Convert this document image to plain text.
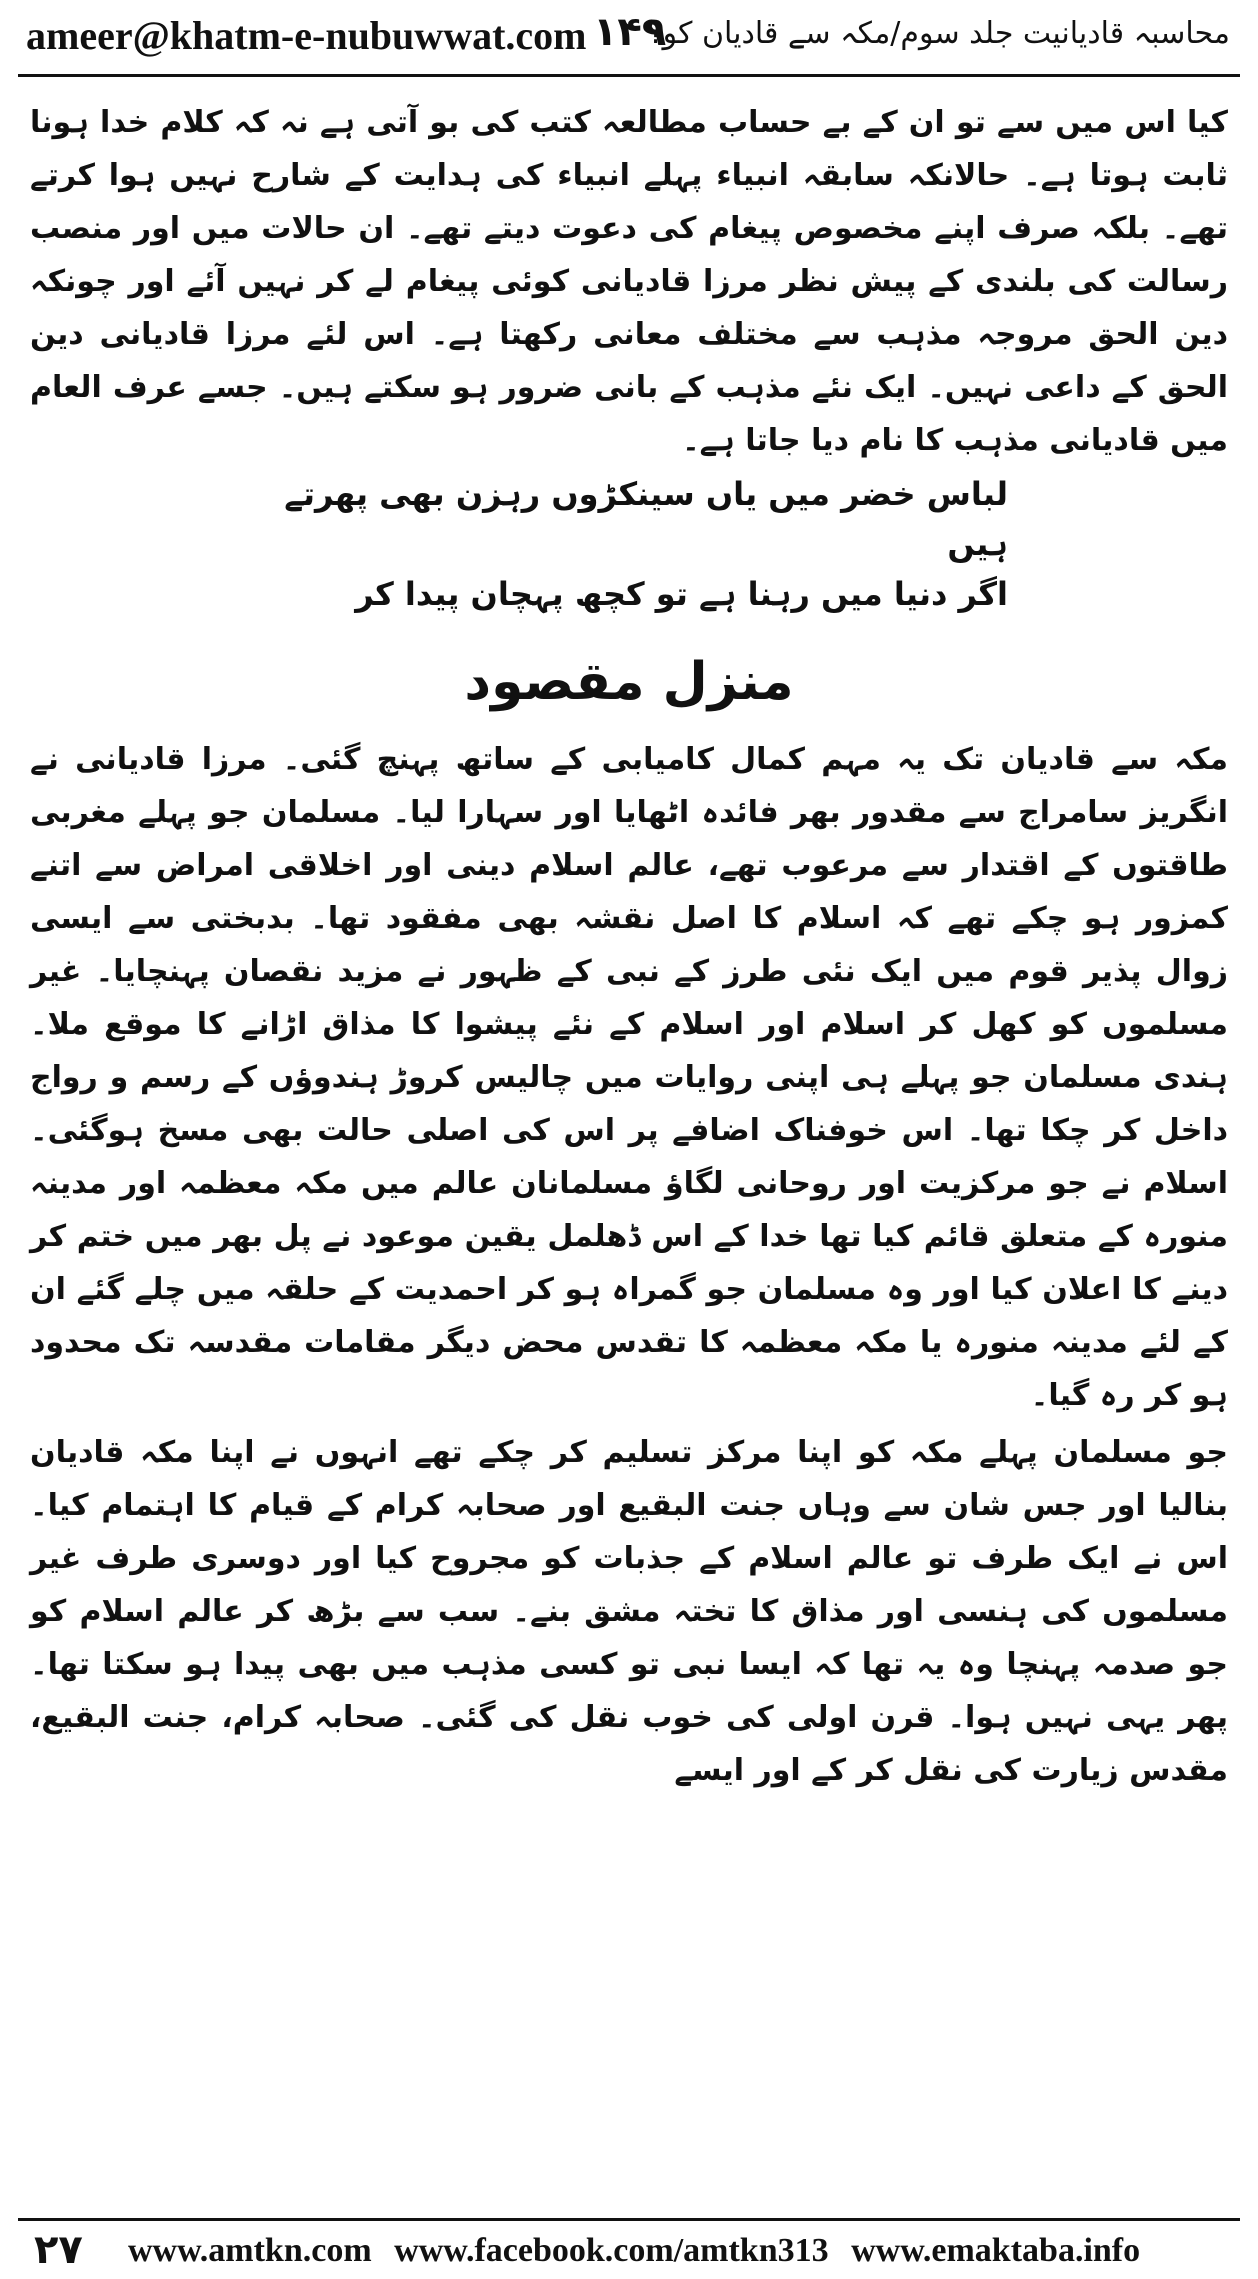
ameer@khatm-e-nubuwwat.com ۱۴۹
محاسبہ قادیانیت جلد سوم/مکہ سے قادیان کو؟

کیا اس میں سے تو ان کے بے حساب مطالعہ کتب کی بو آتی ہے نہ کہ کلام خدا ہونا ثابت ہوتا ہے۔ حالانکہ سابقہ انبیاء پہلے انبیاء کی ہدایت کے شارح نہیں ہوا کرتے تھے۔ بلکہ صرف اپنے مخصوص پیغام کی دعوت دیتے تھے۔ ان حالات میں اور منصب رسالت کی بلندی کے پیش نظر مرزا قادیانی کوئی پیغام لے کر نہیں آئے اور چونکہ دین الحق مروجہ مذہب سے مختلف معانی رکھتا ہے۔ اس لئے مرزا قادیانی دین الحق کے داعی نہیں۔ ایک نئے مذہب کے بانی ضرور ہو سکتے ہیں۔ جسے عرف العام میں قادیانی مذہب کا نام دیا جاتا ہے۔

لباس خضر میں یاں سینکڑوں رہزن بھی پھرتے ہیں

اگر دنیا میں رہنا ہے تو کچھ پہچان پیدا کر

منزل مقصود

مکہ سے قادیان تک یہ مہم کمال کامیابی کے ساتھ پہنچ گئی۔ مرزا قادیانی نے انگریز سامراج سے مقدور بھر فائدہ اٹھایا اور سہارا لیا۔ مسلمان جو پہلے مغربی طاقتوں کے اقتدار سے مرعوب تھے، عالم اسلام دینی اور اخلاقی امراض سے اتنے کمزور ہو چکے تھے کہ اسلام کا اصل نقشہ بھی مفقود تھا۔ بدبختی سے ایسی زوال پذیر قوم میں ایک نئی طرز کے نبی کے ظہور نے مزید نقصان پہنچایا۔ غیر مسلموں کو کھل کر اسلام اور اسلام کے نئے پیشوا کا مذاق اڑانے کا موقع ملا۔ ہندی مسلمان جو پہلے ہی اپنی روایات میں چالیس کروڑ ہندوؤں کے رسم و رواج داخل کر چکا تھا۔ اس خوفناک اضافے پر اس کی اصلی حالت بھی مسخ ہوگئی۔ اسلام نے جو مرکزیت اور روحانی لگاؤ مسلمانان عالم میں مکہ معظمہ اور مدینہ منورہ کے متعلق قائم کیا تھا خدا کے اس ڈھلمل یقین موعود نے پل بھر میں ختم کر دینے کا اعلان کیا اور وہ مسلمان جو گمراہ ہو کر احمدیت کے حلقہ میں چلے گئے ان کے لئے مدینہ منورہ یا مکہ معظمہ کا تقدس محض دیگر مقامات مقدسہ تک محدود ہو کر رہ گیا۔

جو مسلمان پہلے مکہ کو اپنا مرکز تسلیم کر چکے تھے انہوں نے اپنا مکہ قادیان بنالیا اور جس شان سے وہاں جنت البقیع اور صحابہ کرام کے قیام کا اہتمام کیا۔ اس نے ایک طرف تو عالم اسلام کے جذبات کو مجروح کیا اور دوسری طرف غیر مسلموں کی ہنسی اور مذاق کا تختہ مشق بنے۔ سب سے بڑھ کر عالم اسلام کو جو صدمہ پہنچا وہ یہ تھا کہ ایسا نبی تو کسی مذہب میں بھی پیدا ہو سکتا تھا۔ پھر یہی نہیں ہوا۔ قرن اولی کی خوب نقل کی گئی۔ صحابہ کرام، جنت البقیع، مقدس زیارت کی نقل کر کے اور ایسے

۲۷ www.amtkn.com www.facebook.com/amtkn313 www.emaktaba.info
